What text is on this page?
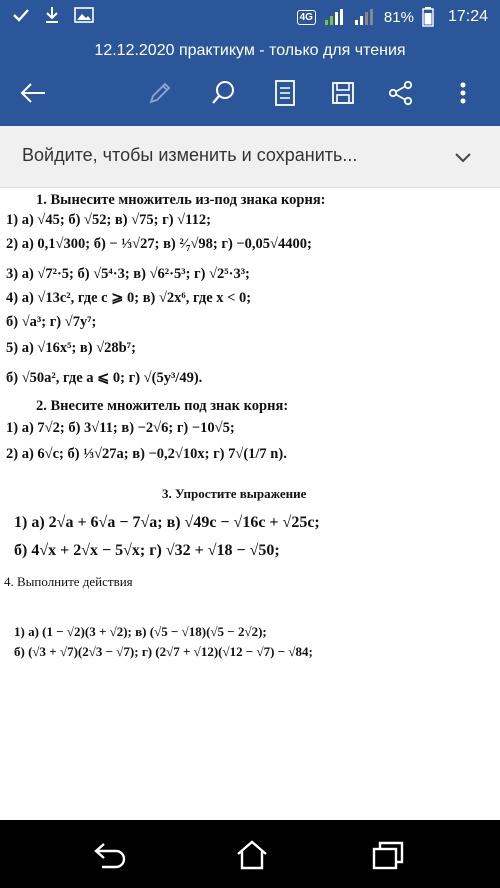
4G	81% 17:24
12.12.2020 практикум - только для чтения
Войдите, чтобы изменить и сохранить...
1. Вынесите множитель из-под знака корня:
1) а) √45; б) √52; в) √75; г) √112;
2) а) 0,1√300; б) − ⅓√27; в) ²⁄₇√98; г) −0,05√4400;
3) а) √7²·5; б) √5⁴·3; в) √6²·5³; г) √2⁵·3³;
4) а) √13c², где c ⩾ 0; в) √2x⁶, где x < 0;
б) √a³; г) √7y⁷;
5) а) √16x⁵; в) √28b⁷;
б) √50a², где a ⩽ 0; г) √(5y³/49).
2. Внесите множитель под знак корня:
1) а) 7√2; б) 3√11; в) −2√6; г) −10√5;
2) а) 6√c; б) ⅓√27a; в) −0,2√10x; г) 7√(1/7 n).
3. Упростите выражение
1) а) 2√a + 6√a − 7√a; в) √49c − √16c + √25c;
б) 4√x + 2√x − 5√x; г) √32 + √18 − √50;
4. Выполните действия
1) а) (1 − √2)(3 + √2); в) (√5 − √18)(√5 − 2√2);
б) (√3 + √7)(2√3 − √7); г) (2√7 + √12)(√12 − √7) − √84;
